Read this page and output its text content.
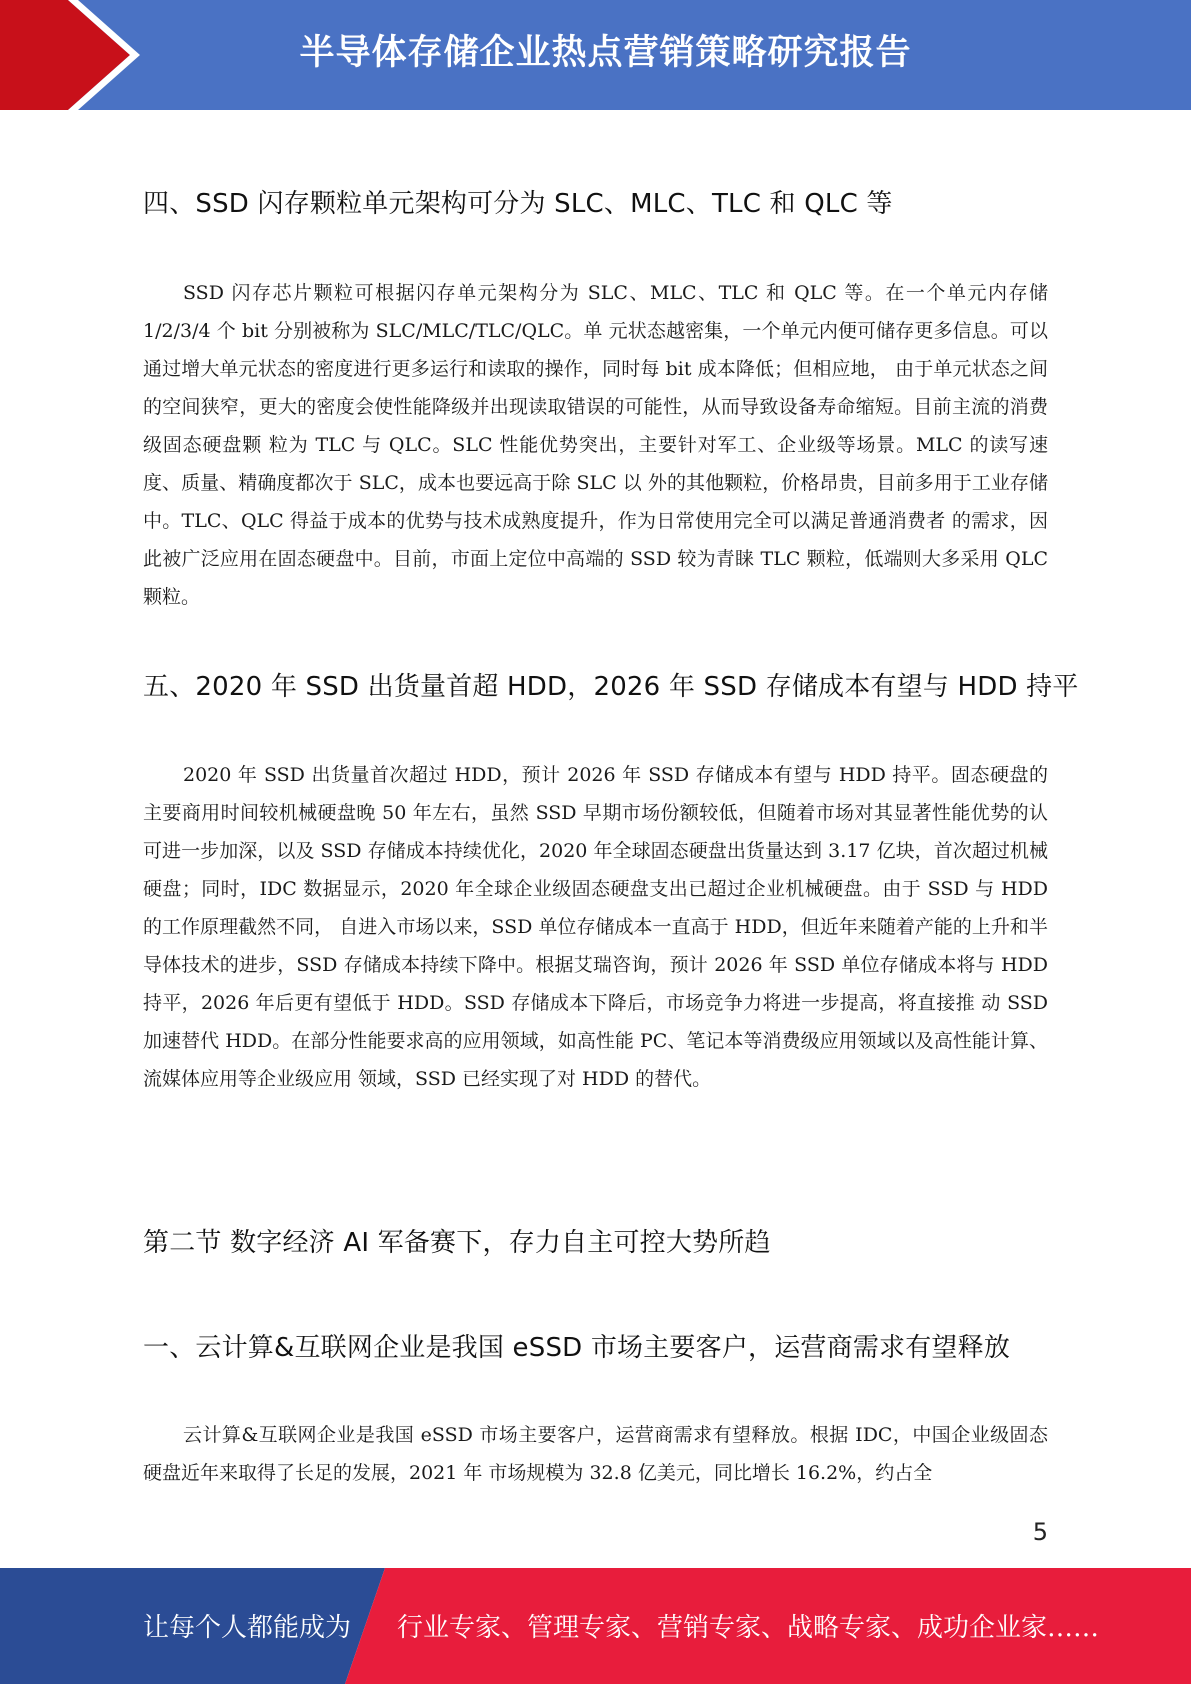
半导体存储企业热点营销策略研究报告
四、SSD 闪存颗粒单元架构可分为 SLC、MLC、TLC 和 QLC 等

SSD 闪存芯片颗粒可根据闪存单元架构分为 SLC、MLC、TLC 和 QLC 等。在一个单元内存储 1/2/3/4 个 bit 分别被称为 SLC/MLC/TLC/QLC。单 元状态越密集，一个单元内便可储存更多信息。可以通过增大单元状态的密度进行更多运行和读取的操作，同时每 bit 成本降低；但相应地， 由于单元状态之间的空间狭窄，更大的密度会使性能降级并出现读取错误的可能性，从而导致设备寿命缩短。目前主流的消费级固态硬盘颗 粒为 TLC 与 QLC。SLC 性能优势突出，主要针对军工、企业级等场景。MLC 的读写速度、质量、精确度都次于 SLC，成本也要远高于除 SLC 以 外的其他颗粒，价格昂贵，目前多用于工业存储中。TLC、QLC 得益于成本的优势与技术成熟度提升，作为日常使用完全可以满足普通消费者 的需求，因此被广泛应用在固态硬盘中。目前，市面上定位中高端的 SSD 较为青睐 TLC 颗粒，低端则大多采用 QLC 颗粒。

五、2020 年 SSD 出货量首超 HDD，2026 年 SSD 存储成本有望与 HDD 持平

2020 年 SSD 出货量首次超过 HDD，预计 2026 年 SSD 存储成本有望与 HDD 持平。固态硬盘的主要商用时间较机械硬盘晚 50 年左右，虽然 SSD 早期市场份额较低，但随着市场对其显著性能优势的认可进一步加深，以及 SSD 存储成本持续优化，2020 年全球固态硬盘出货量达到 3.17 亿块，首次超过机械硬盘；同时，IDC 数据显示，2020 年全球企业级固态硬盘支出已超过企业机械硬盘。由于 SSD 与 HDD 的工作原理截然不同， 自进入市场以来，SSD 单位存储成本一直高于 HDD，但近年来随着产能的上升和半导体技术的进步，SSD 存储成本持续下降中。根据艾瑞咨询，预计 2026 年 SSD 单位存储成本将与 HDD 持平，2026 年后更有望低于 HDD。SSD 存储成本下降后，市场竞争力将进一步提高，将直接推 动 SSD 加速替代 HDD。在部分性能要求高的应用领域，如高性能 PC、笔记本等消费级应用领域以及高性能计算、流媒体应用等企业级应用 领域，SSD 已经实现了对 HDD 的替代。

第二节 数字经济 AI 军备赛下，存力自主可控大势所趋
一、云计算&互联网企业是我国 eSSD 市场主要客户，运营商需求有望释放

云计算&互联网企业是我国 eSSD 市场主要客户，运营商需求有望释放。根据 IDC，中国企业级固态硬盘近年来取得了长足的发展，2021 年 市场规模为 32.8 亿美元，同比增长 16.2%，约占全

5
让每个人都能成为 行业专家、管理专家、营销专家、战略专家、成功企业家……
